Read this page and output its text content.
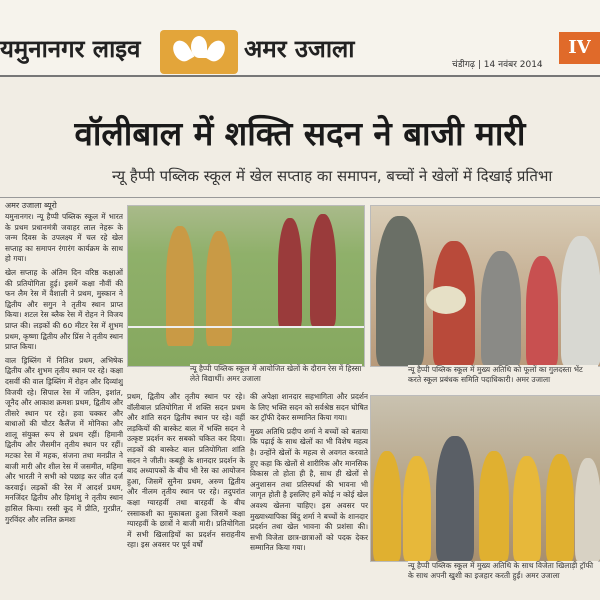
यमुनानगर लाइव	अमर उजाला
चंडीगढ़ | 14 नवंबर 2014
IV
वॉलीबाल में शक्ति सदन ने बाजी मारी
न्यू हैप्पी पब्लिक स्कूल में खेल सप्ताह का समापन, बच्चों ने खेलों में दिखाई प्रतिभा
अमर उजाला ब्यूरो

यमुनानगर। न्यू हैप्पी पब्लिक स्कूल में भारत के प्रथम प्रधानमंत्री जवाहर लाल नेहरू के जन्म दिवस के उपलक्ष्य में चल रहे खेल सप्ताह का समापन रंगारंग कार्यक्रम के साथ हो गया।

खेल सप्ताह के अंतिम दिन वरिष्ठ कक्षाओं की प्रतियोगिता हुई। इसमें कक्षा नौवीं की फन लैम रेस में वैशाली ने प्रथम, मुस्कान ने द्वितीय और सगुन ने तृतीय स्थान प्राप्त किया। शटल रेस ब्लैक रेस में रोहन ने विजय प्राप्त की। लड़कों की 60 मीटर रेस में शुभम प्रथम, कृष्णा द्वितीय और प्रिंस ने तृतीय स्थान प्राप्त किया।

वाल ड्रिब्लिंग में नितिश प्रथम, अभिषेक द्वितीय और शुभम तृतीय स्थान पर रहे। कक्षा दसवीं की वाल ड्रिब्लिंग में रोहन और दिव्यांशु विजयी रहे। सिपाल रेस में जतिन, इशांत, जूनैद और आकाश क्रमशः प्रथम, द्वितीय और तीसरे स्थान पर रहे। हवा चक्कर और बाधाओं की चौटर कैलैंज में मोनिका और शालू संयुक्त रूप से प्रथम रहीं। हिमानी द्वितीय और जैसमीन तृतीय स्थान पर रहीं। मटका रेस में महक, संजना तथा मनप्रीत ने बाजी मारी और शील रेस में जसमीत, महिमा और भारती ने सभी को पछाड़ कर जीत दर्ज करवाई। लड़कों की रेस में आदर्श प्रथम, मनजिंदर द्वितीय और हिमांशु ने तृतीय स्थान हासिल किया। रस्सी कूद में प्रीति, गुरप्रीत, गुरविंदर और ललित क्रमशः

न्यू हैप्पी पब्लिक स्कूल में आयोजित खेलों के दौरान रेस में हिस्सा लेते विद्यार्थी। अमर उजाला
न्यू हैप्पी पब्लिक स्कूल में मुख्य अतिथि को फूलों का गुलदस्ता भेंट करते स्कूल प्रबंधक समिति पदाधिकारी। अमर उजाला

प्रथम, द्वितीय और तृतीय स्थान पर रहे। वॉलीबाल प्रतियोगिता में शक्ति सदन प्रथम और शांति सदन द्वितीय स्थान पर रहे। वहीं लड़कियों की बास्केट बाल में भक्ति सदन ने उत्कृष्ट प्रदर्शन कर सबको चकित कर दिया। लड़कों की बास्केट बाल प्रतियोगिता शांति सदन ने जीती। कबड्डी के शानदार प्रदर्शन के बाद अध्यापकों के बीच भी रेस का आयोजन हुआ, जिसमें सुनैना प्रथम, अरुण द्वितीय और नीलम तृतीय स्थान पर रहे। तदुपरांत कक्षा ग्यारहवीं तथा बारहवीं के बीच रस्साकशी का मुकाबला हुआ जिसमें कक्षा ग्यारहवीं के छात्रों ने बाजी मारी। प्रतियोगिता में सभी खिलाड़ियों का प्रदर्शन सराहनीय रहा। इस अवसर पर पूर्व वर्षों

की अपेक्षा शानदार सहभागिता और प्रदर्शन के लिए भक्ति सदन को सर्वश्रेष्ठ सदन घोषित कर ट्रॉफी देकर सम्मानित किया गया।

मुख्य अतिथि प्रदीप शर्मा ने बच्चों को बताया कि पढ़ाई के साथ खेलों का भी विशेष महत्व है। उन्होंने खेलों के महत्व से अवगत करवाते हुए कहा कि खेलों से शारीरिक और मानसिक विकास तो होता ही है, साथ ही खेलों से अनुशासन तथा प्रतिस्पर्धा की भावना भी जागृत होती है इसलिए हमें कोई न कोई खेल अवश्य खेलना चाहिए। इस अवसर पर मुख्याध्यापिका बिंदु शर्मा ने बच्चों के शानदार प्रदर्शन तथा खेल भावना की प्रशंसा की। सभी विजेता छात्र-छात्राओं को पदक देकर सम्मानित किया गया।

न्यू हैप्पी पब्लिक स्कूल में मुख्य अतिथि के साथ विजेता खिलाड़ी ट्रॉफी के साथ अपनी खुशी का इजहार करती हुईं। अमर उजाला
